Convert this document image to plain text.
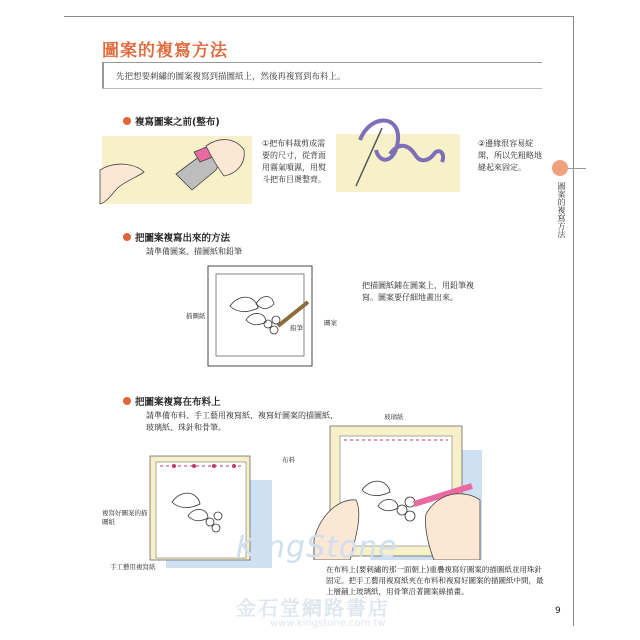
圖案的複寫方法
先把想要刺繡的圖案複寫到描圖紙上，然後再複寫到布料上。
圖案的複寫方法
複寫圖案之前(整布)
①把布料裁剪成需要的尺寸，從背面用霧氣噴濕，用熨斗把布目燙整齊。
②邊緣很容易綻開，所以先粗略地縫起來固定。
把圖案複寫出來的方法
請準備圖案、描圖紙和鉛筆
描圖紙
鉛筆
圖案
把描圖紙鋪在圖案上，用鉛筆複寫。圖案要仔細地畫出來。
把圖案複寫在布料上
請準備布料、手工藝用複寫紙、複寫好圖案的描圖紙、玻璃紙、珠針和骨筆。
布料
複寫好圖案的描圖紙
手工藝用複寫紙
玻璃紙
在布料上(要刺繡的那一面朝上)重疊複寫好圖案的描圖紙並用珠針固定。把手工藝用複寫紙夾在布料和複寫好圖案的描圖紙中間，最上層鋪上玻璃紙，用骨筆沿著圖案線描畫。
KingStone
金石堂網路書店
www.kingstone.com.tw
9
